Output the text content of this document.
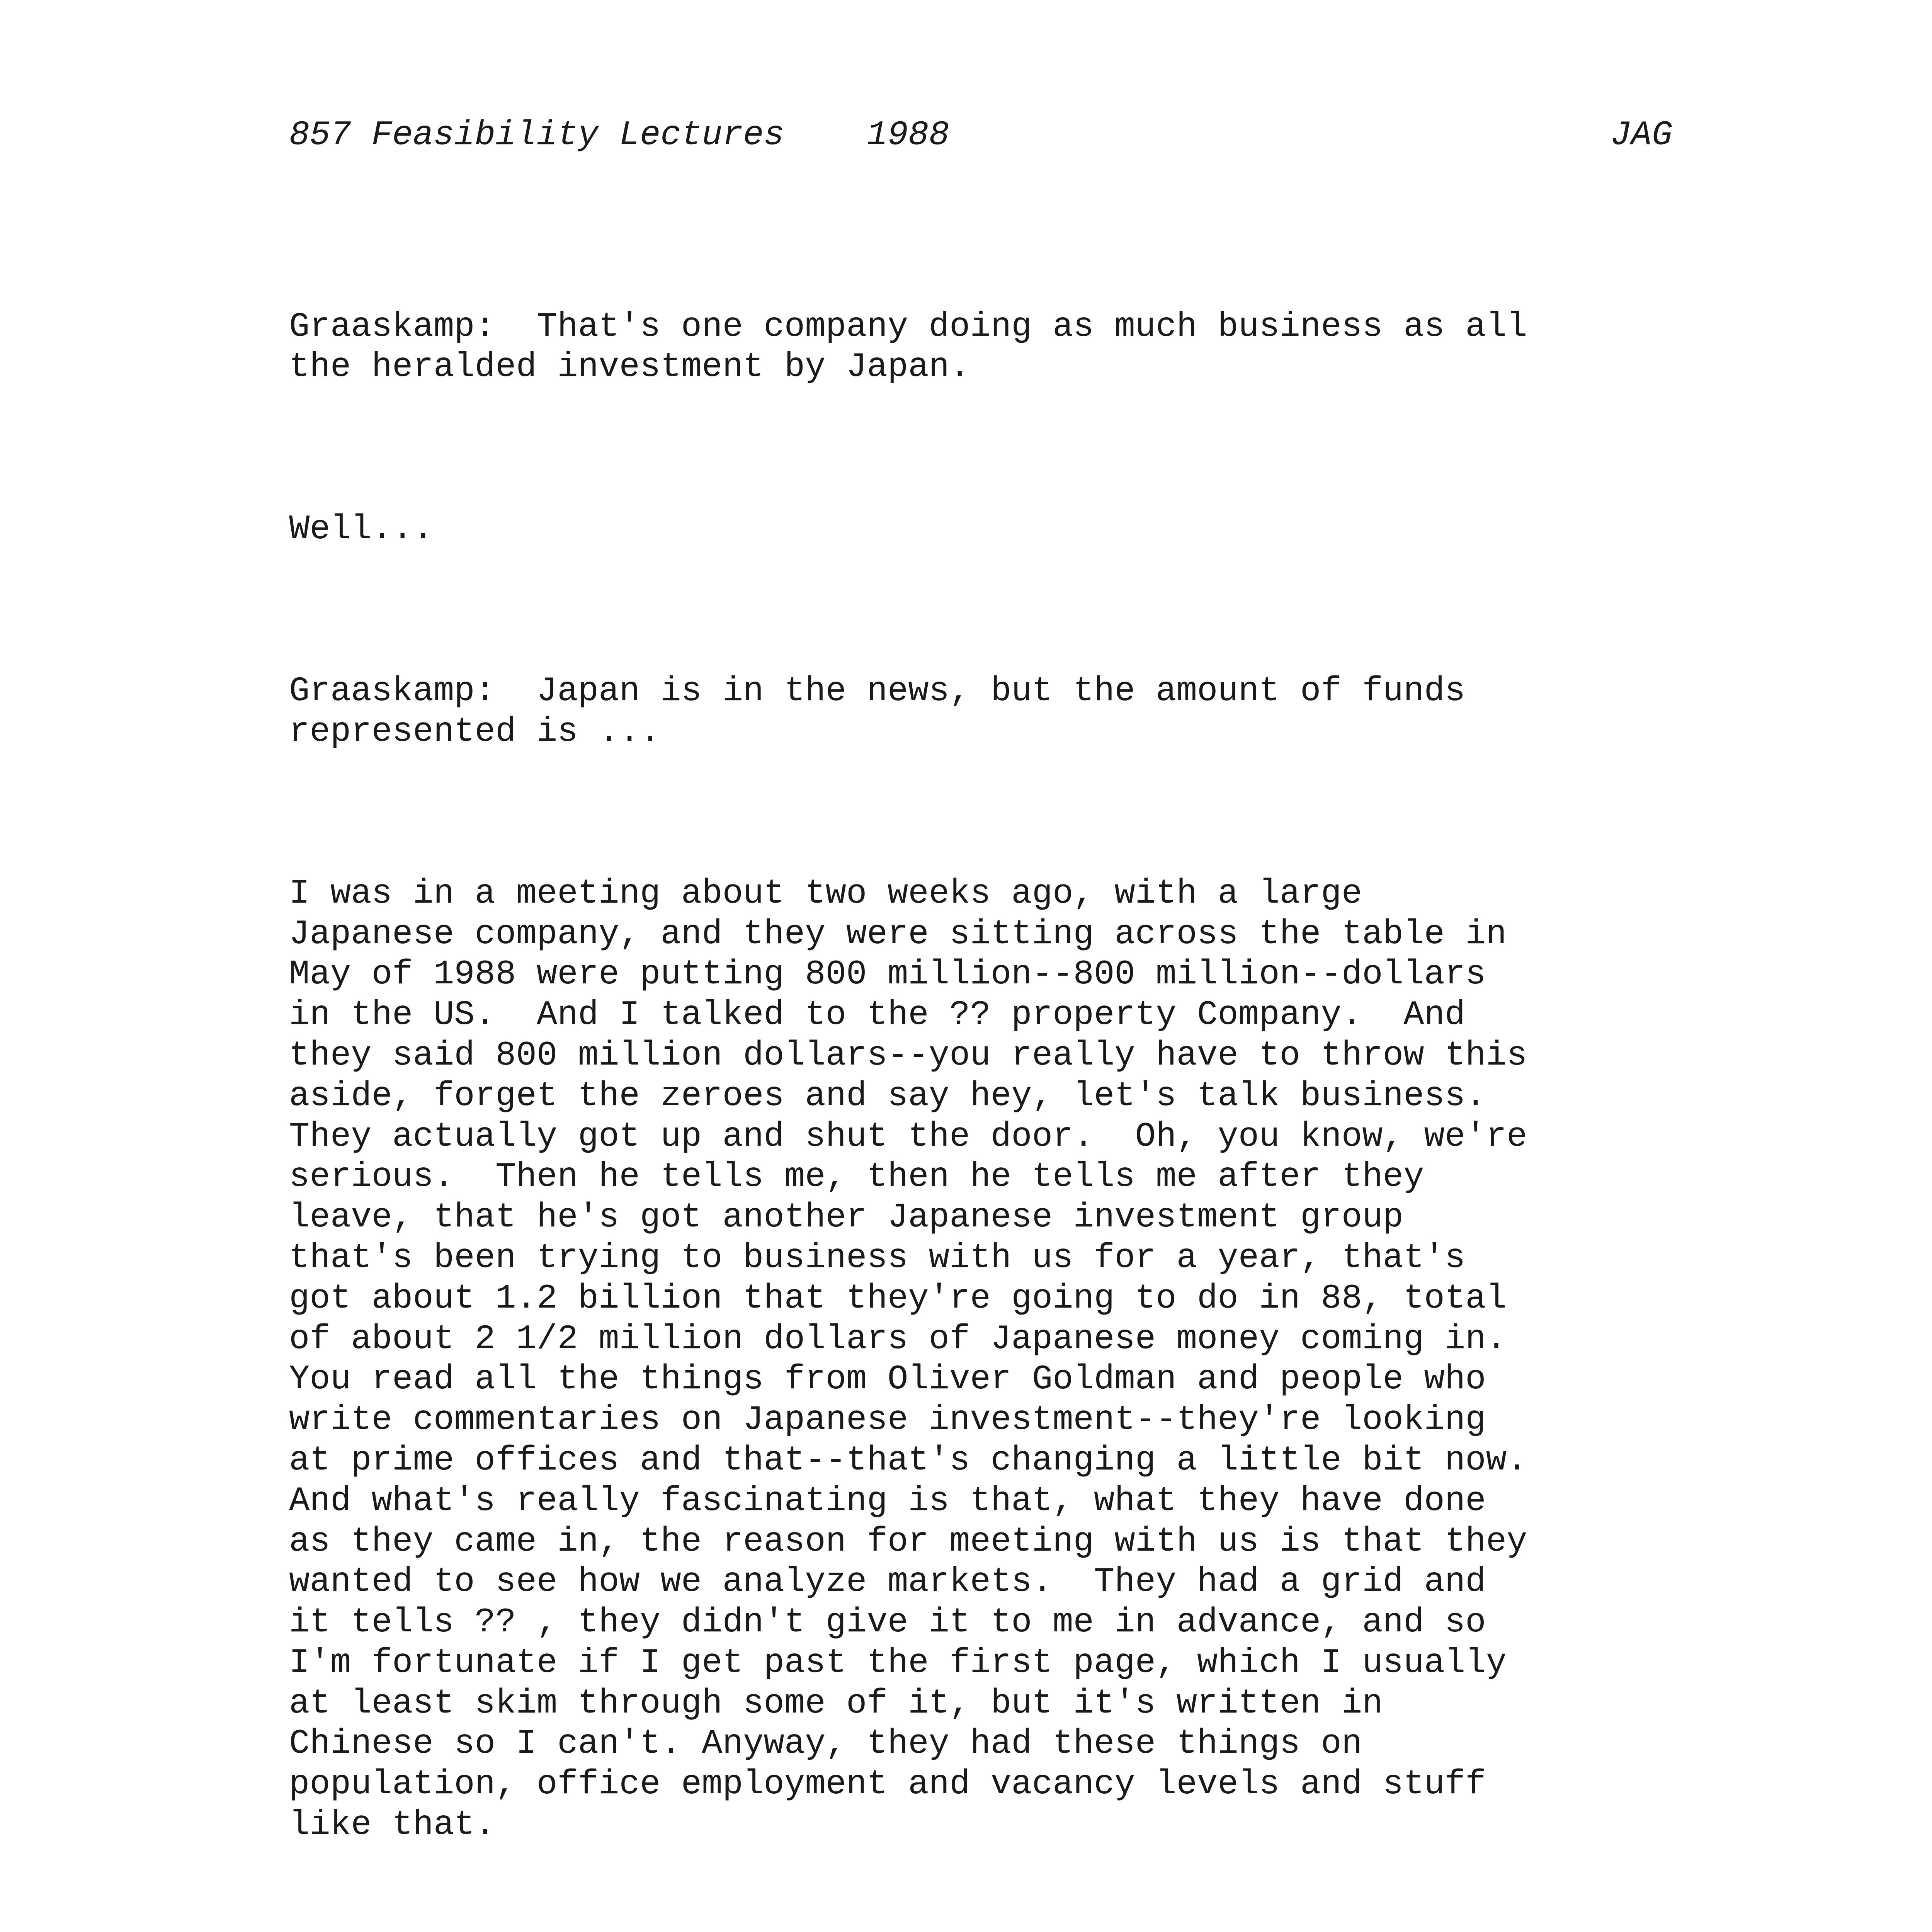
857 Feasibility Lectures    1988

	JAG

Graaskamp:  That's one company doing as much business as all
the heralded investment by Japan.

Well...

Graaskamp:  Japan is in the news, but the amount of funds
represented is ...

I was in a meeting about two weeks ago, with a large
Japanese company, and they were sitting across the table in
May of 1988 were putting 800 million--800 million--dollars
in the US.  And I talked to the ?? property Company.  And
they said 800 million dollars--you really have to throw this
aside, forget the zeroes and say hey, let's talk business.
They actually got up and shut the door.  Oh, you know, we're
serious.  Then he tells me, then he tells me after they
leave, that he's got another Japanese investment group
that's been trying to business with us for a year, that's
got about 1.2 billion that they're going to do in 88, total
of about 2 1/2 million dollars of Japanese money coming in.
You read all the things from Oliver Goldman and people who
write commentaries on Japanese investment--they're looking
at prime offices and that--that's changing a little bit now.
And what's really fascinating is that, what they have done
as they came in, the reason for meeting with us is that they
wanted to see how we analyze markets.  They had a grid and
it tells ?? , they didn't give it to me in advance, and so
I'm fortunate if I get past the first page, which I usually
at least skim through some of it, but it's written in
Chinese so I can't. Anyway, they had these things on
population, office employment and vacancy levels and stuff
like that.
